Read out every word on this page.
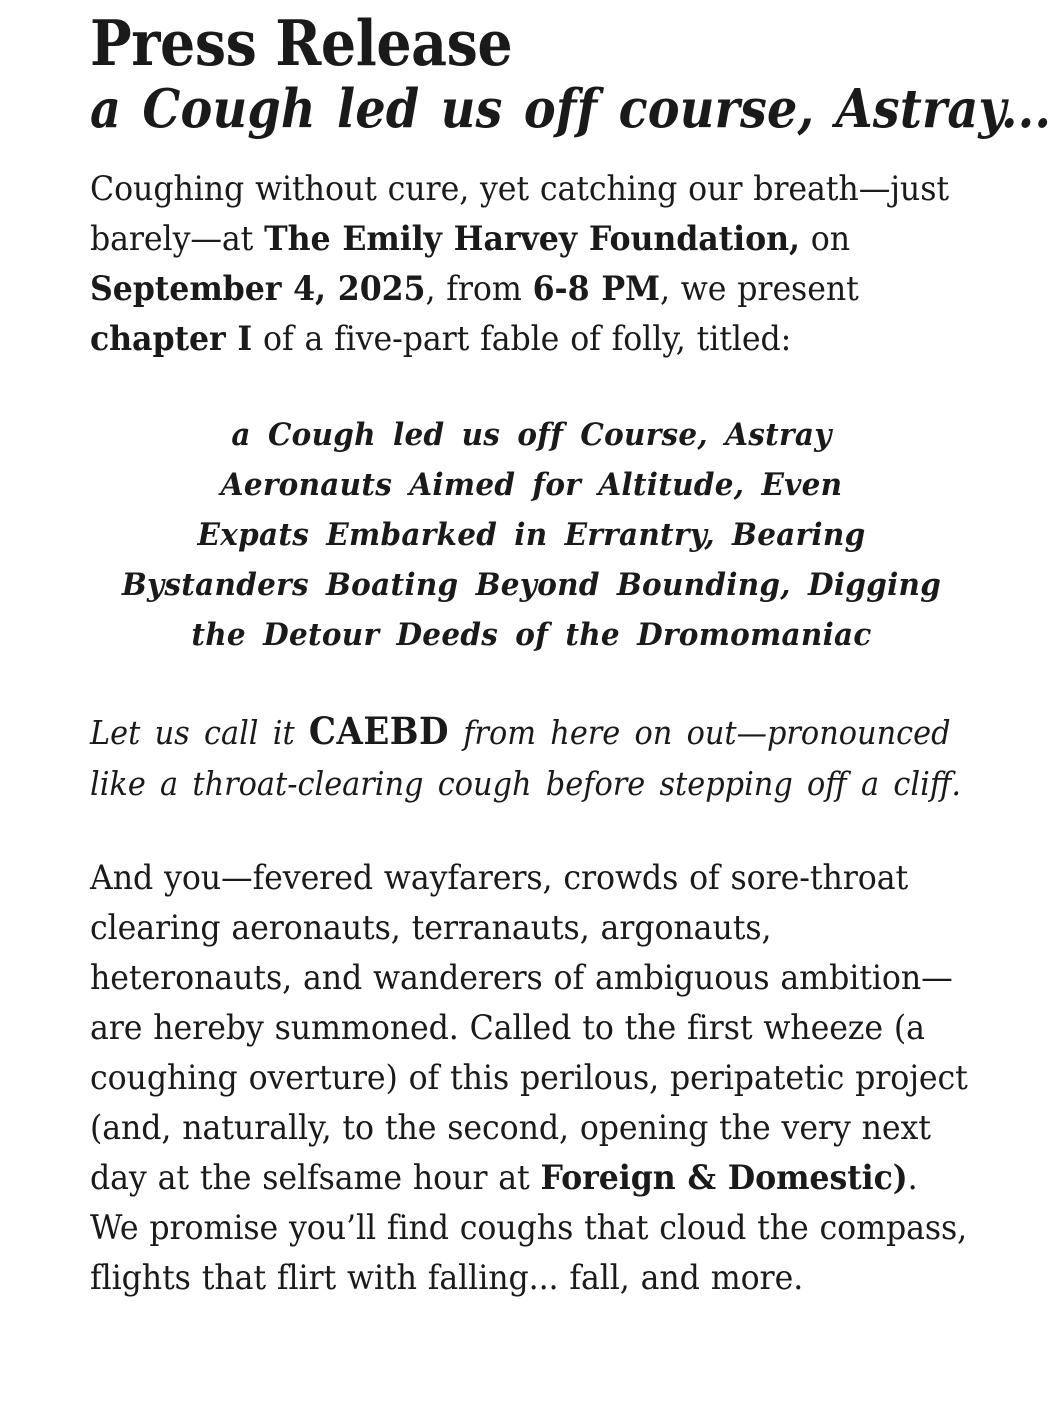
Press Release
a Cough led us off course, Astray...

Coughing without cure, yet catching our breath—just barely—at The Emily Harvey Foundation, on September 4, 2025, from 6-8 PM, we present chapter I of a five-part fable of folly, titled:

a Cough led us off Course, Astray
Aeronauts Aimed for Altitude, Even
Expats Embarked in Errantry, Bearing
Bystanders Boating Beyond Bounding, Digging
the Detour Deeds of the Dromomaniac

Let us call it CAEBD from here on out—pronounced like a throat-clearing cough before stepping off a cliff.

And you—fevered wayfarers, crowds of sore-throat clearing aeronauts, terranauts, argonauts, heteronauts, and wanderers of ambiguous ambition—are hereby summoned. Called to the first wheeze (a coughing overture) of this perilous, peripatetic project (and, naturally, to the second, opening the very next day at the selfsame hour at Foreign & Domestic). We promise you’ll find coughs that cloud the compass, flights that flirt with falling... fall, and more.
